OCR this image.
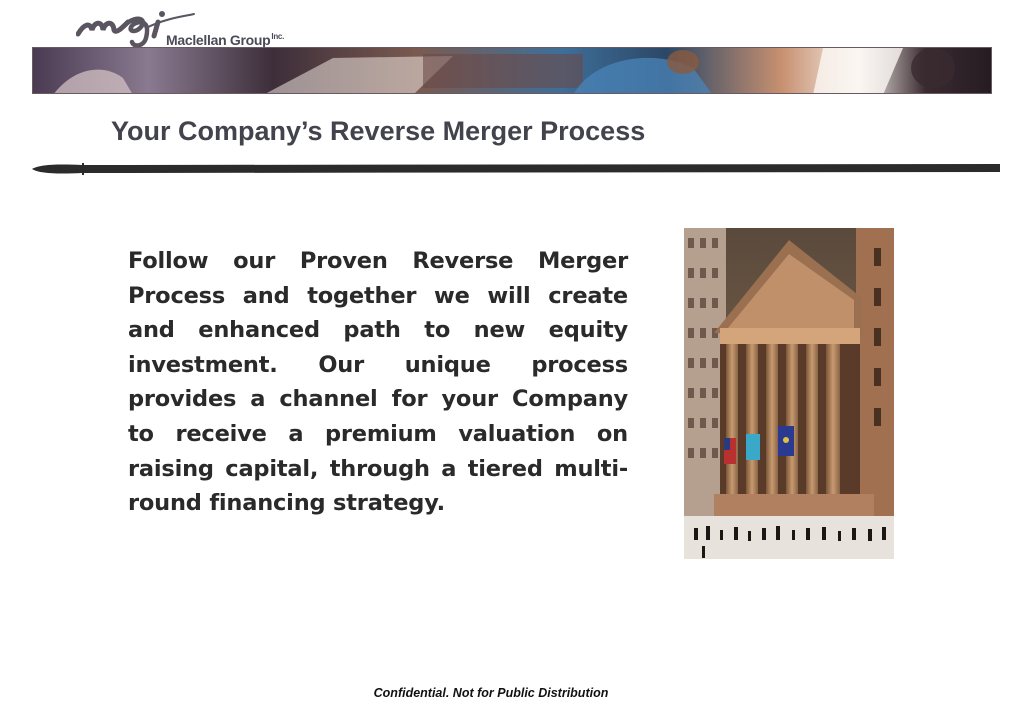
Maclellan Group$^{Inc.}$
Your Company’s Reverse Merger Process
Follow our Proven Reverse Merger Process and together we will create and enhanced path to new equity investment. Our unique process provides a channel for your Company to receive a premium valuation on raising capital, through a tiered multi-round financing strategy.
Confidential. Not for Public Distribution
